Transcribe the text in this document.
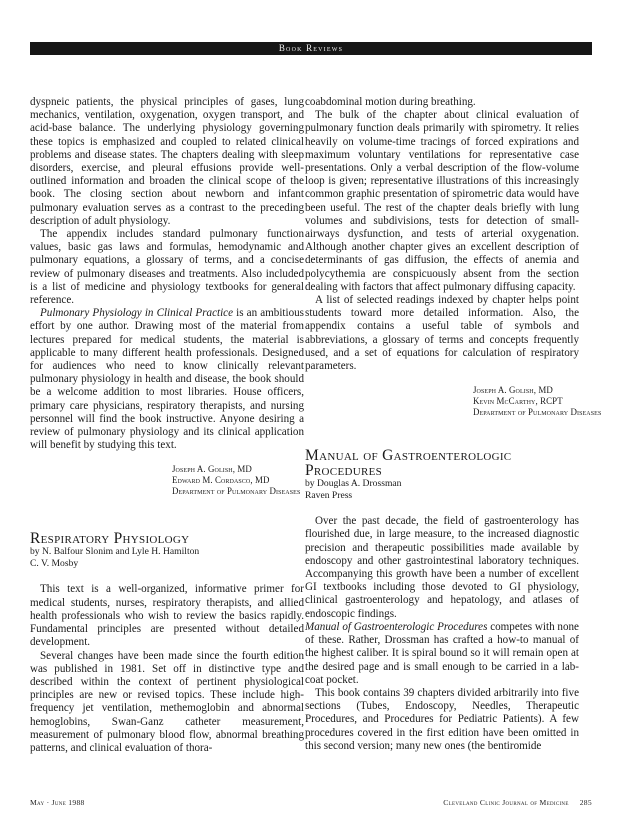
Book Reviews

dyspneic patients, the physical principles of gases, lung mechanics, ventilation, oxygenation, oxygen transport, and acid-base balance. The underlying physiology governing these topics is emphasized and coupled to related clinical problems and disease states. The chapters dealing with sleep disorders, exercise, and pleural effusions provide well-outlined information and broaden the clinical scope of the book. The closing section about newborn and infant pulmonary evaluation serves as a contrast to the preceding description of adult physiology.

The appendix includes standard pulmonary function values, basic gas laws and formulas, hemodynamic and pulmonary equations, a glossary of terms, and a concise review of pulmonary diseases and treatments. Also included is a list of medicine and physiology textbooks for general reference.

Pulmonary Physiology in Clinical Practice is an ambitious effort by one author. Drawing most of the material from lectures prepared for medical students, the material is applicable to many different health professionals. Designed for audiences who need to know clinically relevant pulmonary physiology in health and disease, the book should be a welcome addition to most libraries. House officers, primary care physicians, respiratory therapists, and nursing personnel will find the book instructive. Anyone desiring a review of pulmonary physiology and its clinical application will benefit by studying this text.

Joseph A. Golish, MD
Edward M. Cordasco, MD
Department of Pulmonary Diseases
Respiratory Physiology

by N. Balfour Slonim and Lyle H. Hamilton

C. V. Mosby

This text is a well-organized, informative primer for medical students, nurses, respiratory therapists, and allied health professionals who wish to review the basics rapidly. Fundamental principles are presented without detailed development.

Several changes have been made since the fourth edition was published in 1981. Set off in distinctive type and described within the context of pertinent physiological principles are new or revised topics. These include high-frequency jet ventilation, methemoglobin and abnormal hemoglobins, Swan-Ganz catheter measurement, measurement of pulmonary blood flow, abnormal breathing patterns, and clinical evaluation of thora-

coabdominal motion during breathing.

The bulk of the chapter about clinical evaluation of pulmonary function deals primarily with spirometry. It relies heavily on volume-time tracings of forced expirations and maximum voluntary ventilations for representative case presentations. Only a verbal description of the flow-volume loop is given; representative illustrations of this increasingly common graphic presentation of spirometric data would have been useful. The rest of the chapter deals briefly with lung volumes and subdivisions, tests for detection of small-airways dysfunction, and tests of arterial oxygenation. Although another chapter gives an excellent description of determinants of gas diffusion, the effects of anemia and polycythemia are conspicuously absent from the section dealing with factors that affect pulmonary diffusing capacity.

A list of selected readings indexed by chapter helps point students toward more detailed information. Also, the appendix contains a useful table of symbols and abbreviations, a glossary of terms and concepts frequently used, and a set of equations for calculation of respiratory parameters.

Joseph A. Golish, MD
Kevin McCarthy, RCPT
Department of Pulmonary Diseases
Manual of Gastroenterologic Procedures

by Douglas A. Drossman

Raven Press

Over the past decade, the field of gastroenterology has flourished due, in large measure, to the increased diagnostic precision and therapeutic possibilities made available by endoscopy and other gastrointestinal laboratory techniques. Accompanying this growth have been a number of excellent GI textbooks including those devoted to GI physiology, clinical gastroenterology and hepatology, and atlases of endoscopic findings.

Manual of Gastroenterologic Procedures competes with none of these. Rather, Drossman has crafted a how-to manual of the highest caliber. It is spiral bound so it will remain open at the desired page and is small enough to be carried in a lab-coat pocket.

This book contains 39 chapters divided arbitrarily into five sections (Tubes, Endoscopy, Needles, Therapeutic Procedures, and Procedures for Pediatric Patients). A few procedures covered in the first edition have been omitted in this second version; many new ones (the bentiromide

May · June 1988	Cleveland Clinic Journal of Medicine 285
